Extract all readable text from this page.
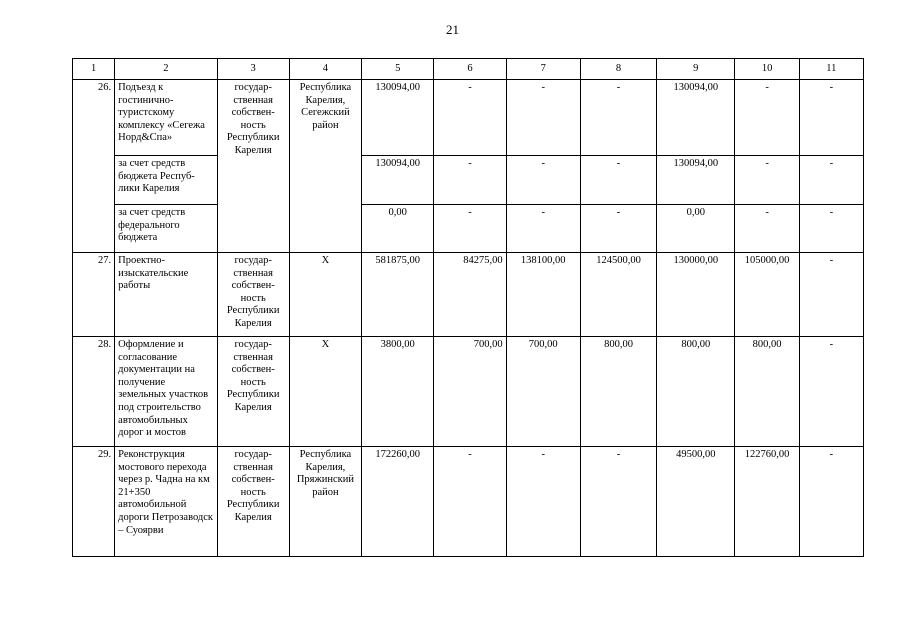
21
1	2	3	4	5	6	7	8	9	10	11
26.	Подъезд к гостинично-туристскому комплексу «Сегежа Норд&Спа»	государ-ственная собствен-ность Республики Карелия	Республика Карелия, Сегежский район	130094,00	-	-	-	130094,00	-	-
	за счет средств бюджета Респуб-лики Карелия			130094,00	-	-	-	130094,00	-	-
	за счет средств федерального бюджета			0,00	-	-	-	0,00	-	-
27.	Проектно-изыскательские работы	государ-ственная собствен-ность Республики Карелия	Х	581875,00	84275,00	138100,00	124500,00	130000,00	105000,00	-
28.	Оформление и согласование документации на получение земельных участков под строительство автомобильных дорог и мостов	государ-ственная собствен-ность Республики Карелия	Х	3800,00	700,00	700,00	800,00	800,00	800,00	-
29.	Реконструкция мостового перехода через р. Чадна на км 21+350 автомобильной дороги Петрозаводск – Суоярви	государ-ственная собствен-ность Республики Карелия	Республика Карелия, Пряжинский район	172260,00	-	-	-	49500,00	122760,00	-
